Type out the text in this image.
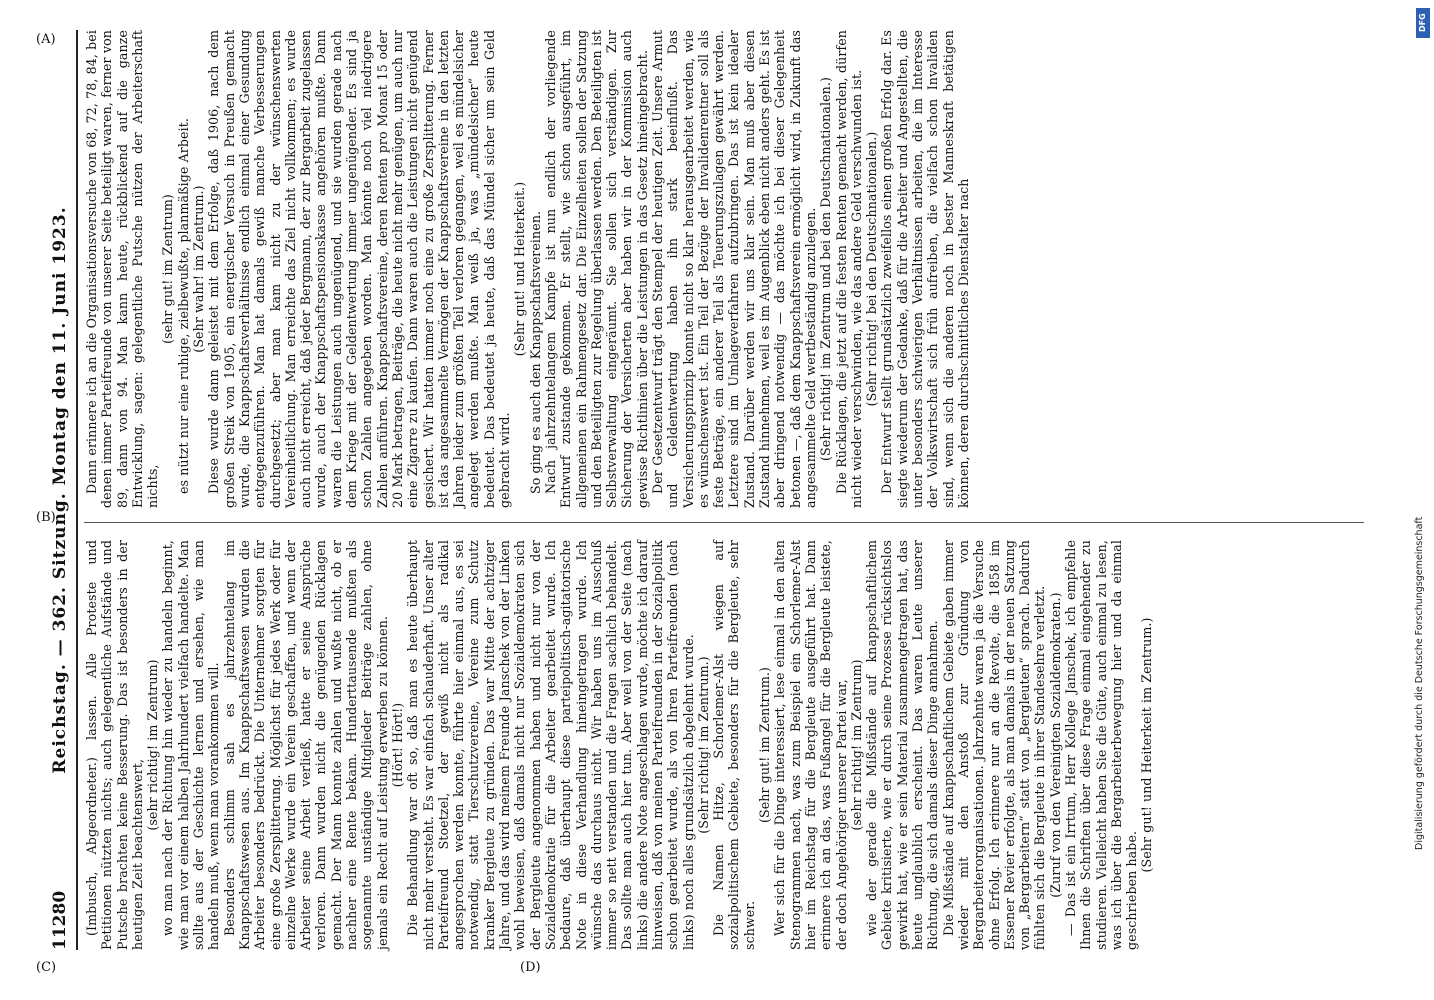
11280
Reichstag. — 362. Sitzung. Montag den 11. Juni 1923. (Imbusch, Abgeordneter.) lassen. Alle Proteste und Petitionen nützten nichts; auch gelegentliche Aufstände und Putsche brachten keine Besserung. Das ist besonders in der heutigen Zeit beachtenswert,

(sehr richtig! im Zentrum) wo man nach der Richtung hin wieder zu handeln beginnt, wie man vor einem halben Jahrhundert vielfach handelte. Man sollte aus der Geschichte lernen und ersehen, wie man handeln muß, wenn man vorankommen will. Besonders schlimm sah es jahrzehntelang im Knappschaftswesen aus. Im Knappschaftswesen wurden die Arbeiter besonders bedrückt. Die Unternehmer sorgten für eine große Zersplitterung. Möglichst für jedes Werk oder für einzelne Werke wurde ein Verein geschaffen, und wenn der Arbeiter seine Arbeit verließ, hatte er seine Ansprüche verloren. Dann wurden nicht die genügenden Rücklagen gemacht. Der Mann konnte zahlen und wußte nicht, ob er nachher eine Rente bekam. Hunderttausende mußten als sogenannte unständige Mitglieder Beiträge zahlen, ohne jemals ein Recht auf Leistung erwerben zu können. (Hört! Hört!) Die Behandlung war oft so, daß man es heute überhaupt nicht mehr versteht. Es war einfach schauderhaft. Unser alter Parteifreund Stoetzel, der gewiß nicht als radikal angesprochen werden konnte, führte hier einmal aus, es sei notwendig, statt Tierschutzvereine, Vereine zum Schutz kranker Bergleute zu gründen. Das war Mitte der achtziger Jahre, und das wird meinem Freunde Janschek von der Linken wohl beweisen, daß damals nicht nur Sozialdemokraten sich der Bergleute angenommen haben und nicht nur von der Sozialdemokratie für die Arbeiter gearbeitet wurde. Ich bedaure, daß überhaupt diese parteipolitisch-agitatorische Note in diese Verhandlung hineingetragen wurde. Ich wünsche das durchaus nicht. Wir haben uns im Ausschuß immer so nett verstanden und die Fragen sachlich behandelt. Das sollte man auch hier tun. Aber weil von der Seite (nach links) die andere Note angeschlagen wurde, möchte ich darauf hinweisen, daß von meinen Parteifreunden in der Sozialpolitik schon gearbeitet wurde, als von Ihren Parteifreunden (nach links) noch alles grundsätzlich abgelehnt wurde. (Sehr richtig! im Zentrum.) Die Namen Hitze, Schorlemer-Alst wiegen auf sozialpolitischem Gebiete, besonders für die Bergleute, sehr schwer.

(Sehr gut! im Zentrum.) Wer sich für die Dinge interessiert, lese einmal in den alten Stenogrammen nach, was zum Beispiel ein Schorlemer-Alst hier im Reichstag für die Bergleute ausgeführt hat. Dann erinnere ich an das, was Fußangel für die Bergleute leistete, der doch Angehöriger unserer Partei war, (sehr richtig! im Zentrum) wie der gerade die Mißstände auf knappschaftlichem Gebiete kritisierte, wie er durch seine Prozesse rücksichtslos gewirkt hat, wie er sein Material zusammengetragen hat, das heute unglaublich erscheint. Das waren Leute unserer Richtung, die sich damals dieser Dinge annahmen. Die Mißstände auf knappschaftlichem Gebiete gaben immer wieder mit den Anstoß zur Gründung von Bergarbeiterorganisationen. Jahrzehnte waren ja die Versuche ohne Erfolg. Ich erinnere nur an die Revolte, die 1858 im Essener Revier erfolgte, als man damals in der neuen Satzung von „Bergarbeitern“ statt von „Bergleuten“ sprach. Dadurch fühlten sich die Bergleute in ihrer Standesehre verletzt. (Zuruf von den Vereinigten Sozialdemokraten.) — Das ist ein Irrtum, Herr Kollege Janschek, ich empfehle Ihnen die Schriften über diese Frage einmal eingehender zu studieren. Vielleicht haben Sie die Güte, auch einmal zu lesen, was ich über die Bergarbeiterbewegung hier und da einmal geschrieben habe.

(Sehr gut! und Heiterkeit im Zentrum.)

Dann erinnere ich an die Organisationsversuche von 68, 72, 78, 84, bei denen immer Parteifreunde von unserer Seite beteiligt waren, ferner von 89, dann von 94. Man kann heute, rückblickend auf die ganze Entwicklung, sagen: gelegentliche Putsche nützen der Arbeiterschaft nichts,

(sehr gut! im Zentrum) es nützt nur eine ruhige, zielbewußte, planmäßige Arbeit. (Sehr wahr! im Zentrum.) Diese wurde dann geleistet mit dem Erfolge, daß 1906, nach dem großen Streik von 1905, ein energischer Versuch in Preußen gemacht wurde, die Knappschaftsverhältnisse endlich einmal einer Gesundung entgegenzuführen. Man hat damals gewiß manche Verbesserungen durchgesetzt; aber man kam nicht zu der wünschenswerten Vereinheitlichung. Man erreichte das Ziel nicht vollkommen; es wurde auch nicht erreicht, daß jeder Bergmann, der zur Bergarbeit zugelassen wurde, auch der Knappschaftspensionskasse angehören mußte. Dann waren die Leistungen auch ungenügend, und sie wurden gerade nach dem Kriege mit der Geldentwertung immer ungenügender. Es sind ja schon Zahlen angegeben worden. Man könnte noch viel niedrigere Zahlen anführen. Knappschaftsvereine, deren Renten pro Monat 15 oder 20 Mark betragen, Beiträge, die heute nicht mehr genügen, um auch nur eine Zigarre zu kaufen. Dann waren auch die Leistungen nicht genügend gesichert. Wir hatten immer noch eine zu große Zersplitterung. Ferner ist das angesammelte Vermögen der Knappschaftsvereine in den letzten Jahren leider zum größten Teil verloren gegangen, weil es mündelsicher angelegt werden mußte. Man weiß ja, was „mündelsicher“ heute bedeutet. Das bedeutet ja heute, daß das Mündel sicher um sein Geld gebracht wird.

(Sehr gut! und Heiterkeit.) So ging es auch den Knappschaftsvereinen. Nach jahrzehntelangem Kampfe ist nun endlich der vorliegende Entwurf zustande gekommen. Er stellt, wie schon ausgeführt, im allgemeinen ein Rahmengesetz dar. Die Einzelheiten sollen der Satzung und den Beteiligten zur Regelung überlassen werden. Den Beteiligten ist Selbstverwaltung eingeräumt. Sie sollen sich verständigen. Zur Sicherung der Versicherten aber haben wir in der Kommission auch gewisse Richtlinien über die Leistungen in das Gesetz hineingebracht. Der Gesetzentwurf trägt den Stempel der heutigen Zeit. Unsere Armut und Geldentwertung haben ihn stark beeinflußt. Das Versicherungsprinzip konnte nicht so klar herausgearbeitet werden, wie es wünschenswert ist. Ein Teil der Bezüge der Invalidenrentner soll als feste Beträge, ein anderer Teil als Teuerungszulagen gewährt werden. Letztere sind im Umlageverfahren aufzubringen. Das ist kein idealer Zustand. Darüber werden wir uns klar sein. Man muß aber diesen Zustand hinnehmen, weil es im Augenblick eben nicht anders geht. Es ist aber dringend notwendig — das möchte ich bei dieser Gelegenheit betonen —, daß dem Knappschaftsverein ermöglicht wird, in Zukunft das angesammelte Geld wertbeständig anzulegen. (Sehr richtig! im Zentrum und bei den Deutschnationalen.) Die Rücklagen, die jetzt auf die festen Renten gemacht werden, dürfen nicht wieder verschwinden, wie das andere Geld verschwunden ist. (Sehr richtig! bei den Deutschnationalen.) Der Entwurf stellt grundsätzlich zweifellos einen großen Erfolg dar. Es siegte wiederum der Gedanke, daß für die Arbeiter und Angestellten, die unter besonders schwierigen Verhältnissen arbeiten, die im Interesse der Volkswirtschaft sich früh aufreiben, die vielfach schon Invaliden sind, wenn sich die anderen noch in bester Manneskraft betätigen können, deren durchschnittliches Dienstalter nach

(A)
(B)
(C)	(D)
DFG
Digitalisierung gefördert durch die Deutsche Forschungsgemeinschaft
